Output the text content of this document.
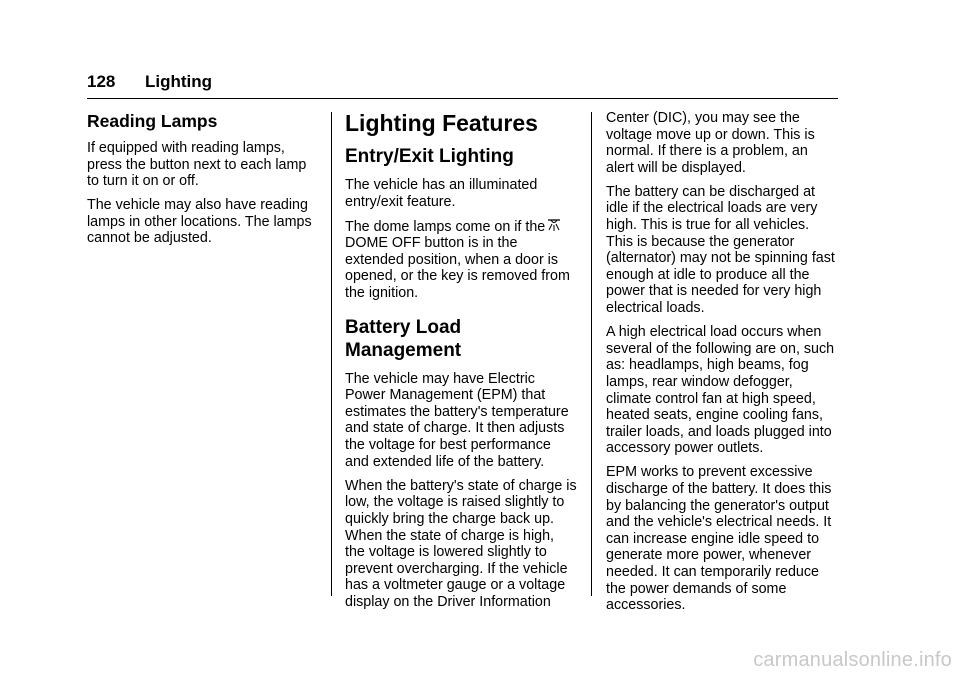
128 Lighting
Reading Lamps

If equipped with reading lamps, press the button next to each lamp to turn it on or off.

The vehicle may also have reading lamps in other locations. The lamps cannot be adjusted.

Lighting Features
Entry/Exit Lighting

The vehicle has an illuminated entry/exit feature.

The dome lamps come on if the
DOME OFF button is in the extended position, when a door is opened, or the key is removed from the ignition.

Battery Load Management

The vehicle may have Electric Power Management (EPM) that estimates the battery's temperature and state of charge. It then adjusts the voltage for best performance and extended life of the battery.

When the battery's state of charge is low, the voltage is raised slightly to quickly bring the charge back up. When the state of charge is high, the voltage is lowered slightly to prevent overcharging. If the vehicle has a voltmeter gauge or a voltage display on the Driver Information

Center (DIC), you may see the voltage move up or down. This is normal. If there is a problem, an alert will be displayed.

The battery can be discharged at idle if the electrical loads are very high. This is true for all vehicles. This is because the generator (alternator) may not be spinning fast enough at idle to produce all the power that is needed for very high electrical loads.

A high electrical load occurs when several of the following are on, such as: headlamps, high beams, fog lamps, rear window defogger, climate control fan at high speed, heated seats, engine cooling fans, trailer loads, and loads plugged into accessory power outlets.

EPM works to prevent excessive discharge of the battery. It does this by balancing the generator's output and the vehicle's electrical needs. It can increase engine idle speed to generate more power, whenever needed. It can temporarily reduce the power demands of some accessories.

carmanualsonline.info
